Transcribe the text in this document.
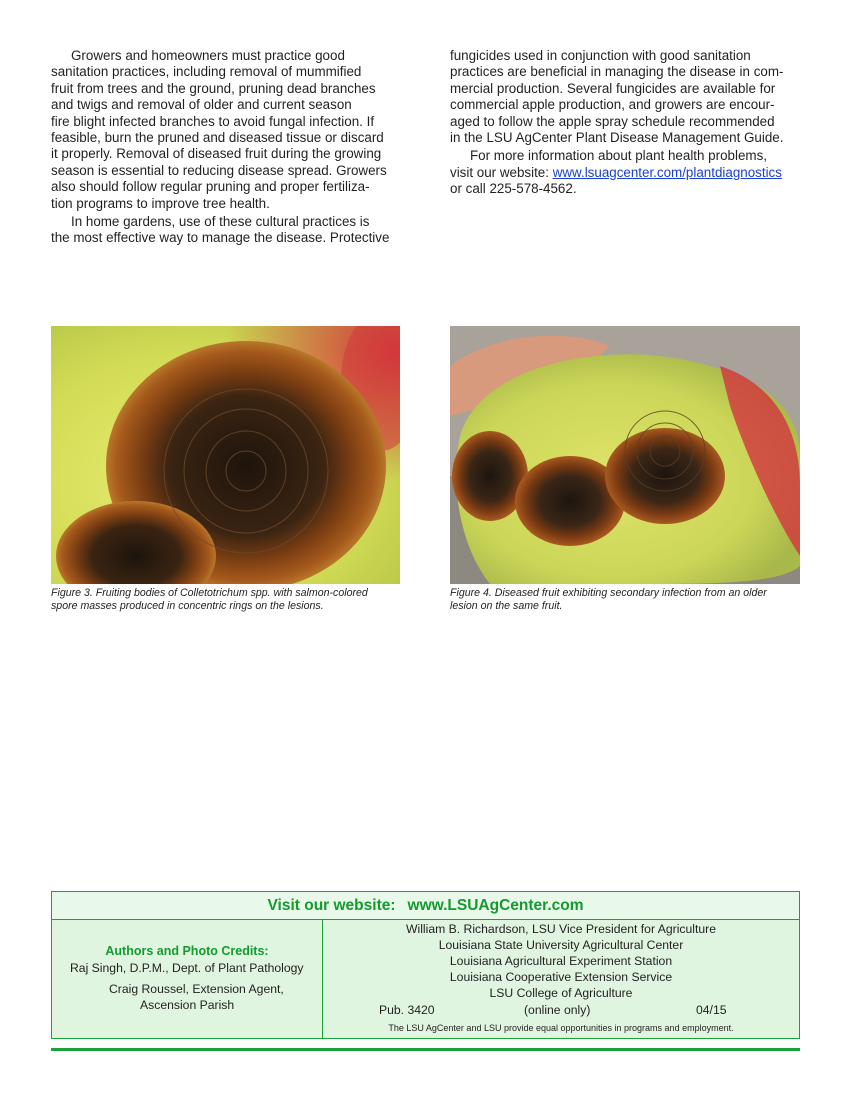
Growers and homeowners must practice good
sanitation practices, including removal of mummified
fruit from trees and the ground, pruning dead branches
and twigs and removal of older and current season
fire blight infected branches to avoid fungal infection. If
feasible, burn the pruned and diseased tissue or discard
it properly. Removal of diseased fruit during the growing
season is essential to reducing disease spread. Growers
also should follow regular pruning and proper fertiliza-
tion programs to improve tree health.

In home gardens, use of these cultural practices is
the most effective way to manage the disease. Protective

fungicides used in conjunction with good sanitation
practices are beneficial in managing the disease in com-
mercial production. Several fungicides are available for
commercial apple production, and growers are encour-
aged to follow the apple spray schedule recommended
in the LSU AgCenter Plant Disease Management Guide.

For more information about plant health problems,
visit our website: www.lsuagcenter.com/plantdiagnostics
or call 225-578-4562.

Figure 3. Fruiting bodies of Colletotrichum spp. with salmon-colored
spore masses produced in concentric rings on the lesions.
Figure 4. Diseased fruit exhibiting secondary infection from an older
lesion on the same fruit.
Visit our website: www.LSUAgCenter.com
Authors and Photo Credits:
Raj Singh, D.P.M., Dept. of Plant Pathology
Craig Roussel, Extension Agent,
Ascension Parish
William B. Richardson, LSU Vice President for Agriculture
Louisiana State University Agricultural Center
Louisiana Agricultural Experiment Station
Louisiana Cooperative Extension Service
LSU College of Agriculture
Pub. 3420	(online only)	04/15
The LSU AgCenter and LSU provide equal opportunities in programs and employment.
